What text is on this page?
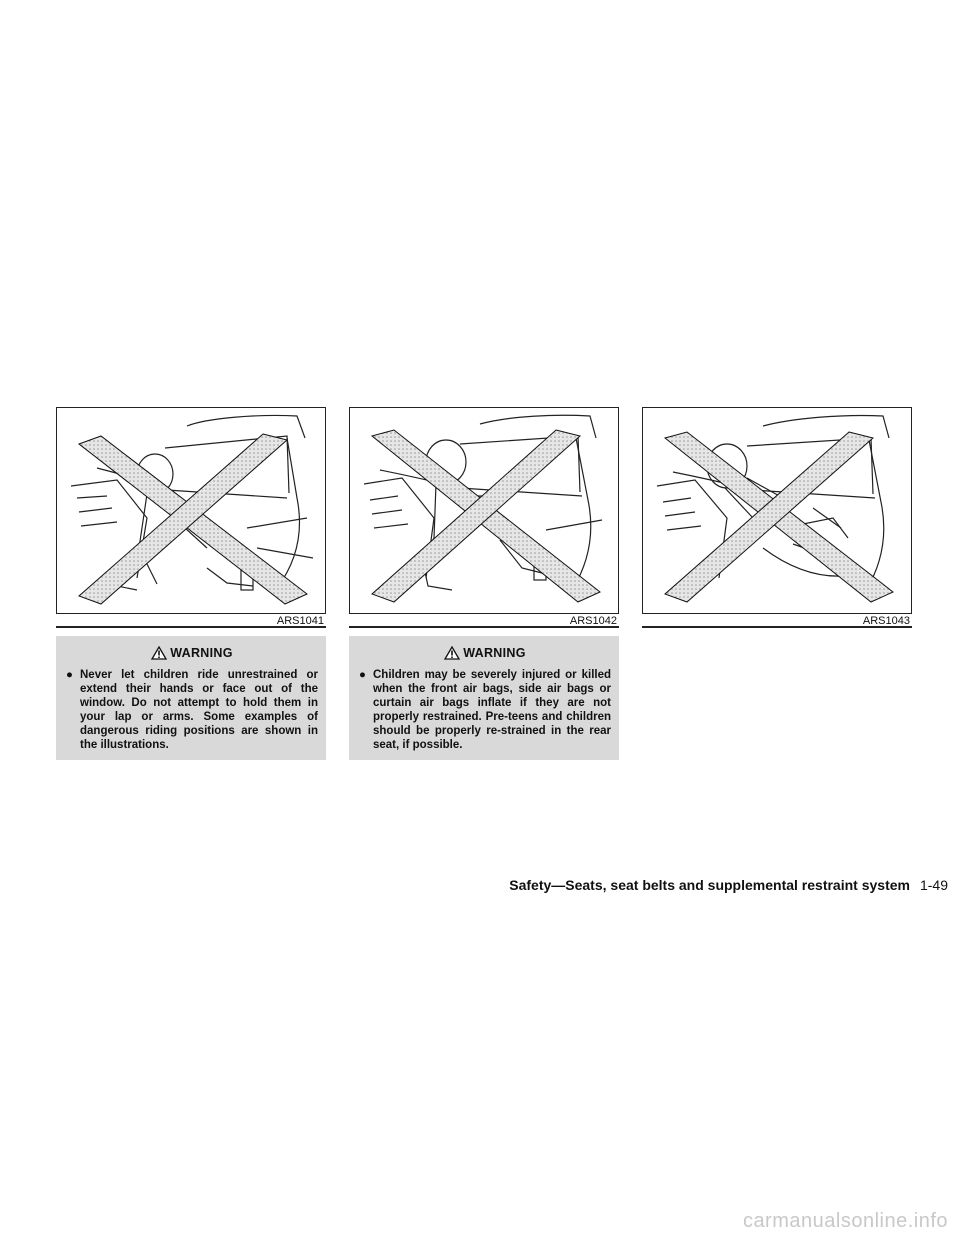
ARS1041	ARS1042	ARS1043
WARNING
● Never let children ride unrestrained or extend their hands or face out of the window. Do not attempt to hold them in your lap or arms. Some examples of dangerous riding positions are shown in the illustrations.
WARNING
● Children may be severely injured or killed when the front air bags, side air bags or curtain air bags inflate if they are not properly restrained. Pre-teens and children should be properly re-strained in the rear seat, if possible.
Safety—Seats, seat belts and supplemental restraint system 1-49
carmanualsonline.info
